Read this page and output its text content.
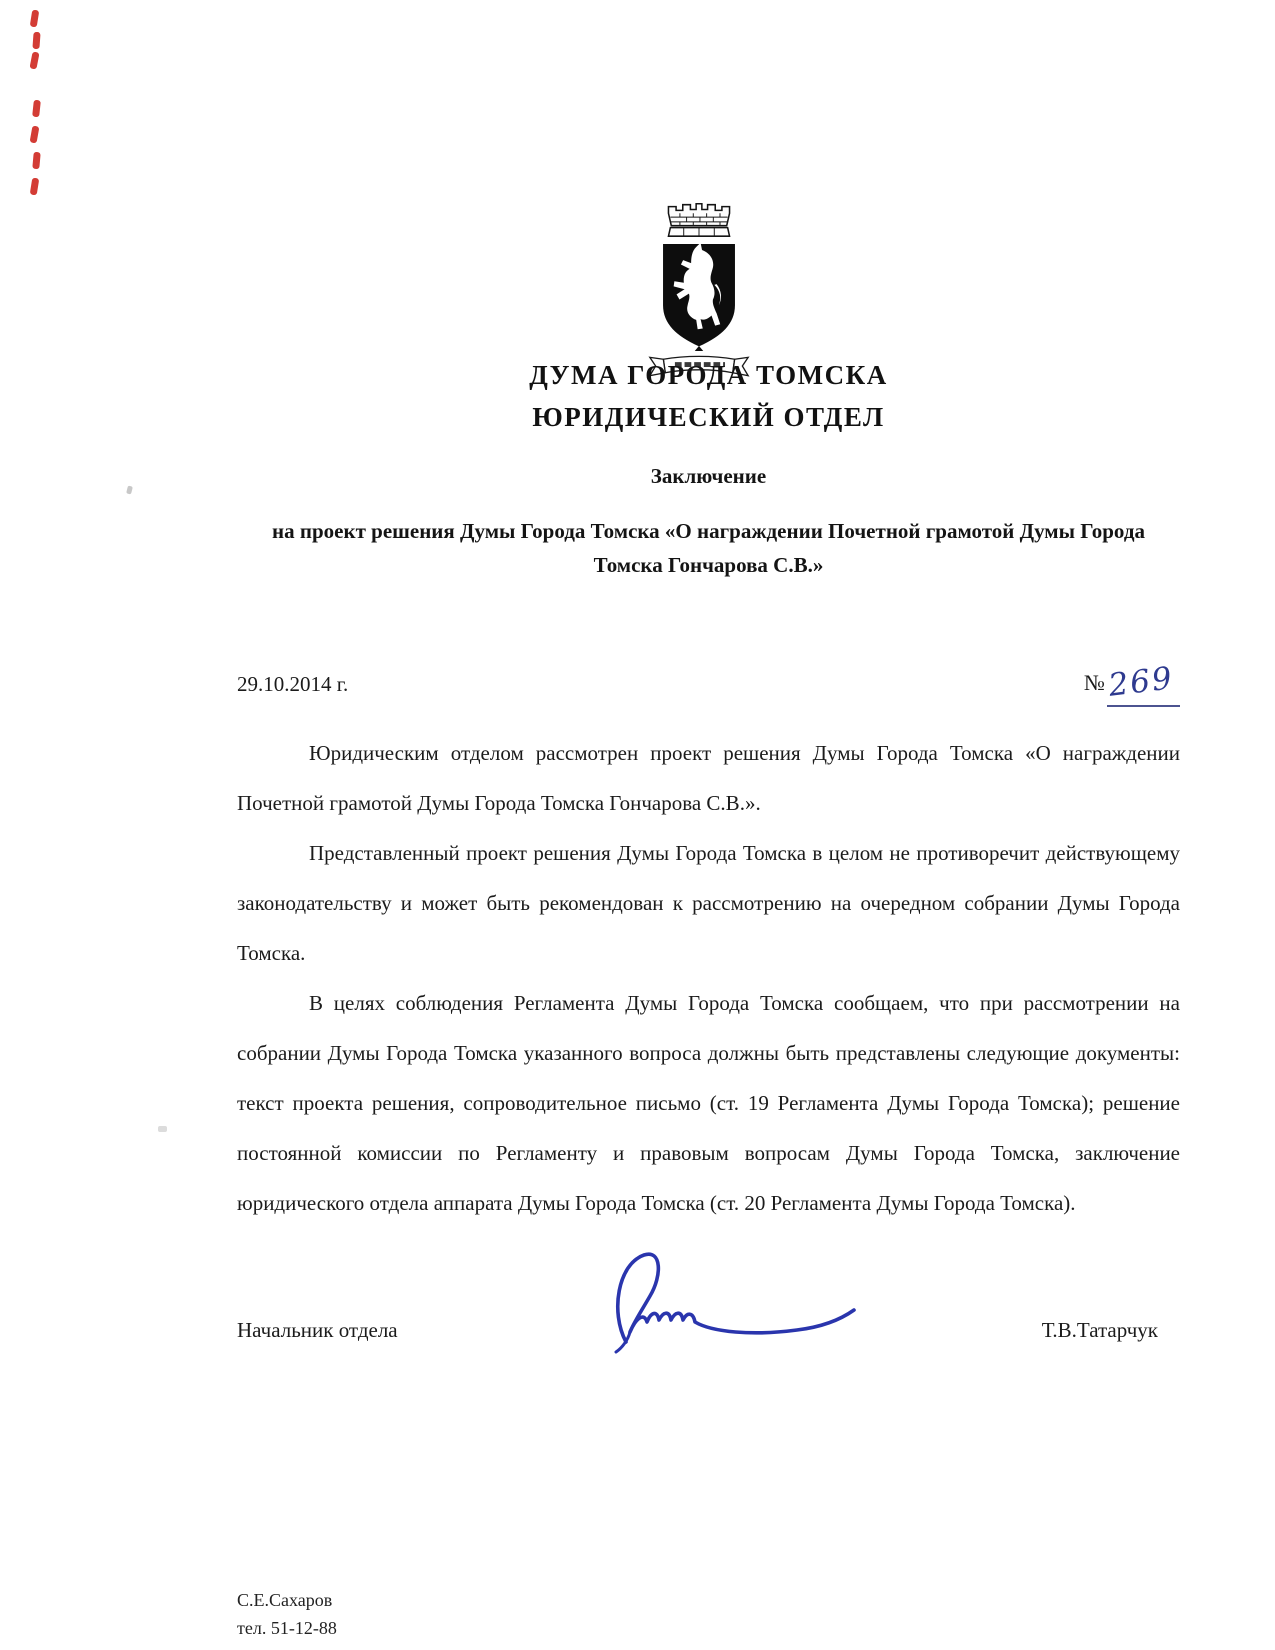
ДУМА ГОРОДА ТОМСКА
ЮРИДИЧЕСКИЙ ОТДЕЛ
Заключение
на проект решения Думы Города Томска «О награждении Почетной грамотой Думы Города Томска Гончарова С.В.»
29.10.2014 г.	№269

Юридическим отделом рассмотрен проект решения Думы Города Томска «О награждении Почетной грамотой Думы Города Томска Гончарова С.В.».

Представленный проект решения Думы Города Томска в целом не противоречит действующему законодательству и может быть рекомендован к рассмотрению на очередном собрании Думы Города Томска.

В целях соблюдения Регламента Думы Города Томска сообщаем, что при рассмотрении на собрании Думы Города Томска указанного вопроса должны быть представлены следующие документы: текст проекта решения, сопроводительное письмо (ст. 19 Регламента Думы Города Томска); решение постоянной комиссии по Регламенту и правовым вопросам Думы Города Томска, заключение юридического отдела аппарата Думы Города Томска (ст. 20 Регламента Думы Города Томска).

Начальник отдела	Т.В.Татарчук
С.Е.Сахаров
тел. 51-12-88
